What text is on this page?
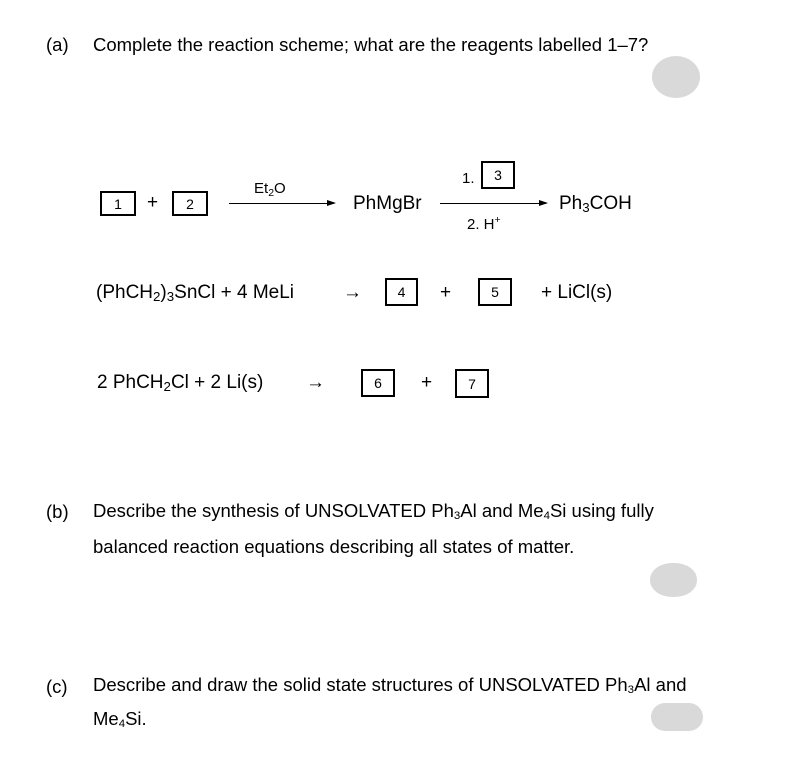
(a) Complete the reaction scheme; what are the reagents labelled 1–7?
1 + 2
$Et_2O$
PhMgBr
1. 3
2. H+
$Ph_3COH$
$(PhCH_2)_3SnCl + 4$ MeLi	→	4 +	5 + LiCl(s)
2 PhCH$_2$Cl + 2 Li(s) →	6 +	7
(b) Describe the synthesis of UNSOLVATED Ph3Al and Me4Si using fully
balanced reaction equations describing all states of matter.
(c) Describe and draw the solid state structures of UNSOLVATED Ph3Al and
Me4Si.
